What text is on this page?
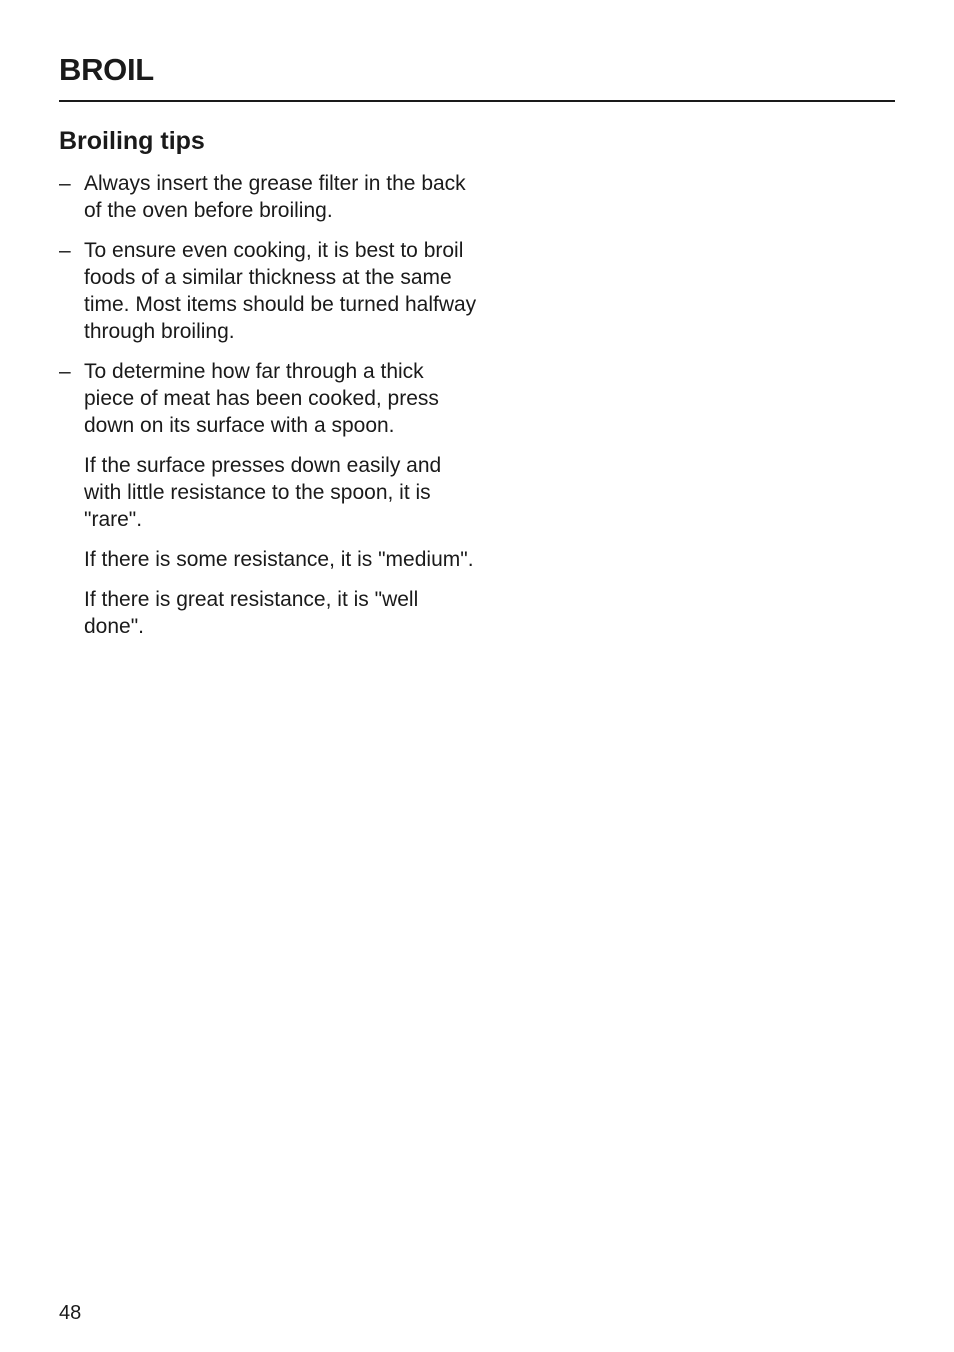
BROIL
Broiling tips
– Always insert the grease filter in the back of the oven before broiling.

– To ensure even cooking, it is best to broil foods of a similar thickness at the same time. Most items should be turned halfway through broiling.

– To determine how far through a thick piece of meat has been cooked, press down on its surface with a spoon.

If the surface presses down easily and with little resistance to the spoon, it is "rare".

If there is some resistance, it is "medium".

If there is great resistance, it is "well done".

48
